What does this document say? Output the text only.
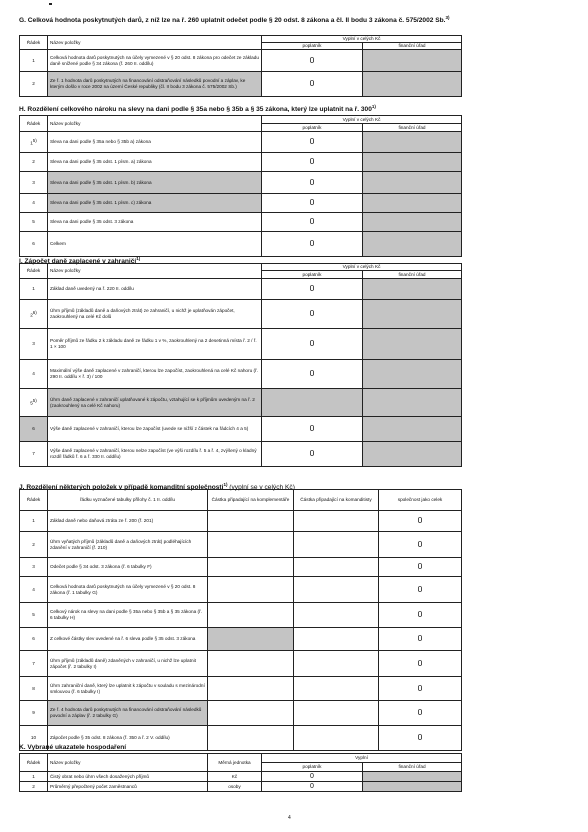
G. Celková hodnota poskytnutých darů, z níž lze na ř. 260 uplatnit odečet podle § 20 odst. 8 zákona a čl. II bodu 3 zákona č. 575/2002 Sb.$^{3)}$
Řádek	Název položky	Vyplní v celých Kč	
		poplatník	finanční úřad
1	Celková hodnota darů poskytnutých na účely vymezené v § 20 odst. 8 zákona pro odečet ze základu daně snížené podle § 34 zákona (ř. 260 II. oddílu)	0	
2	Ze ř. 1 hodnota darů poskytnutých na financování odstraňování následků povodní a záplav, ke kterým došlo v roce 2002 na území České republiky (čl. II bodu 3 zákona č. 575/2002 Sb.)	0	
H. Rozdělení celkového nároku na slevy na dani podle § 35a nebo § 35b a § 35 zákona, který lze uplatnit na ř. 300$^{1)}$
Řádek	Název položky	Vyplní v celých Kč	
		poplatník	finanční úřad
1$^{5)}$	Sleva na dani podle § 35a nebo § 35b a) zákona	0	
2	Sleva na dani podle § 35 odst. 1 písm. a) zákona	0	
3	Sleva na dani podle § 35 odst. 1 písm. b) zákona	0	
4	Sleva na dani podle § 35 odst. 1 písm. c) zákona	0	
5	Sleva na dani podle § 35 odst. 3 zákona	0	
6	Celkem	0	
I. Zápočet daně zaplacené v zahraničí$^{1)}$
Řádek	Název položky	Vyplní v celých Kč	
		poplatník	finanční úřad
1	Základ daně uvedený na ř. 220 II. oddílu	0	
2$^{6)}$	Úhrn příjmů (základů daně a daňových ztrát) ze zahraničí, u nichž je uplatňován zápočet, zaokrouhlený na celé Kč dolů	0	
3	Poměr příjmů ze řádku 2 k základu daně ze řádku 1 v %, zaokrouhlený na 2 desetinná místa ř. 2 / ř. 1 × 100	0	
4	Maximální výše daně zaplacené v zahraničí, kterou lze započíst, zaokrouhlená na celé Kč nahoru (ř. 290 II. oddílu × ř. 3) / 100	0	
5$^{5)}$	Úhrn daně zaplacené v zahraničí uplatňované k zápočtu, vztahující se k příjmům uvedeným na ř. 2 (zaokrouhlený na celé Kč nahoru)		
6	Výše daně zaplacené v zahraničí, kterou lze započíst (uvede se nižší z částek na řádcích 4 a 5)	0	
7	Výše daně zaplacené v zahraničí, kterou nelze započíst (ve výši rozdílu ř. 5 a ř. 4, zvýšený o kladný rozdíl řádků ř. 6 a ř. 330 II. oddílu)	0	
J. Rozdělení některých položek v případě komanditní společnosti$^{1)}$ (vyplní se v celých Kč)
Řádek	řádku vyznačené tabulky přílohy č. 1 II. oddílu	Částka připadající na komplementáře	Částka připadající na komanditisty	společnost jako celek
1	Základ daně nebo daňová ztráta ze ř. 200 (ř. 201)			0
2	Úhrn vyňatých příjmů (základů daně a daňových ztrát) podléhajících zdanění v zahraničí (ř. 210)			0
3	Odečet podle § 34 odst. 3 zákona (ř. 6 tabulky F)			0
4	Celková hodnota darů poskytnutých na účely vymezené v § 20 odst. 8 zákona (ř. 1 tabulky G)			0
5	Celkový nárok na slevy na dani podle § 35a nebo § 35b a § 35 zákona (ř. 6 tabulky H)			0
6	Z celkové částky slev uvedené na ř. 6 sleva podle § 35 odst. 3 zákona			0
7	Úhrn příjmů (základů daně) zdaněných v zahraničí, u nichž lze uplatnit zápočet (ř. 2 tabulky I)			0
8	Úhrn zahraniční daně, který lze uplatnit k zápočtu v souladu s mezinárodní smlouvou (ř. 6 tabulky I)			0
9	Ze ř. 4 hodnota darů poskytnutých na financování odstraňování následků povodní a záplav (ř. 2 tabulky G)			0
10	Zápočet podle § 35 odst. 8 zákona (ř. 350 a ř. 2 V. oddílu)			0
K. Vybrané ukazatele hospodaření
Řádek	Název položky	Měrná jednotka	Vyplní	
			poplatník	finanční úřad
1	Čistý obrat nebo úhrn všech dosažených příjmů	Kč	0	
2	Průměrný přepočtený počet zaměstnanců	osoby	0	
4
